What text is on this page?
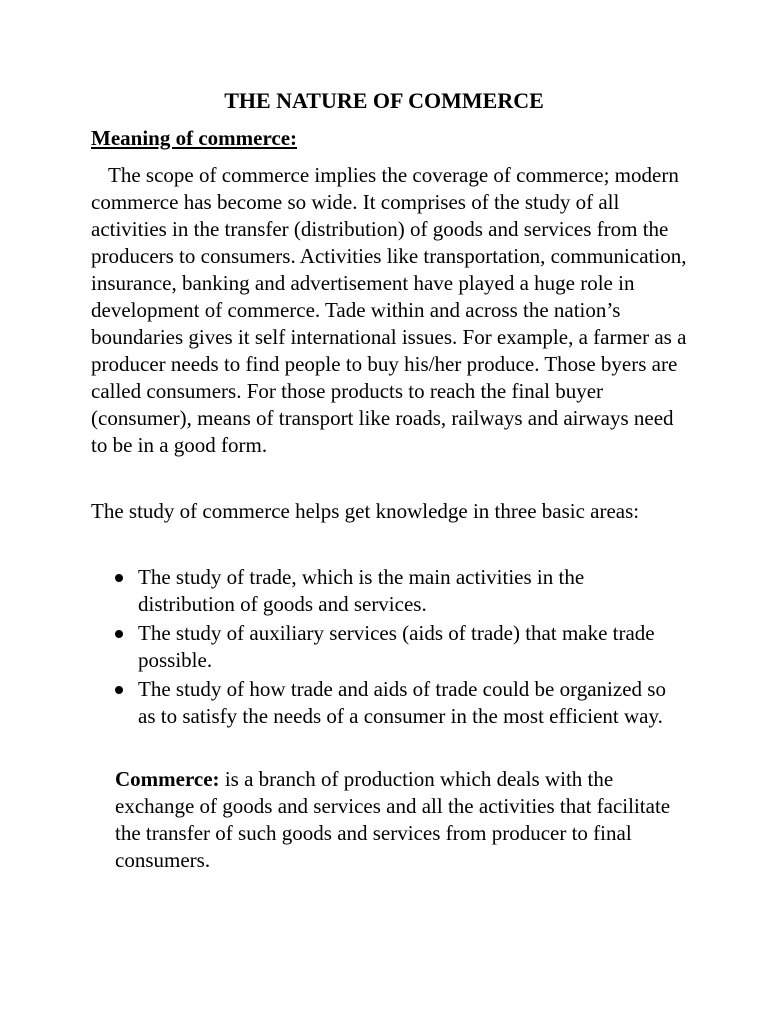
THE NATURE OF COMMERCE
Meaning of commerce:

The scope of commerce implies the coverage of commerce; modern commerce has become so wide. It comprises of the study of all activities in the transfer (distribution) of goods and services from the producers to consumers. Activities like transportation, communication, insurance, banking and advertisement have played a huge role in development of commerce. Tade within and across the nation’s boundaries gives it self international issues. For example, a farmer as a producer needs to find people to buy his/her produce. Those byers are called consumers. For those products to reach the final buyer (consumer), means of transport like roads, railways and airways need to be in a good form.

The study of commerce helps get knowledge in three basic areas:

The study of trade, which is the main activities in the distribution of goods and services.
The study of auxiliary services (aids of trade) that make trade possible.
The study of how trade and aids of trade could be organized so as to satisfy the needs of a consumer in the most efficient way.

Commerce: is a branch of production which deals with the exchange of goods and services and all the activities that facilitate the transfer of such goods and services from producer to final consumers.
